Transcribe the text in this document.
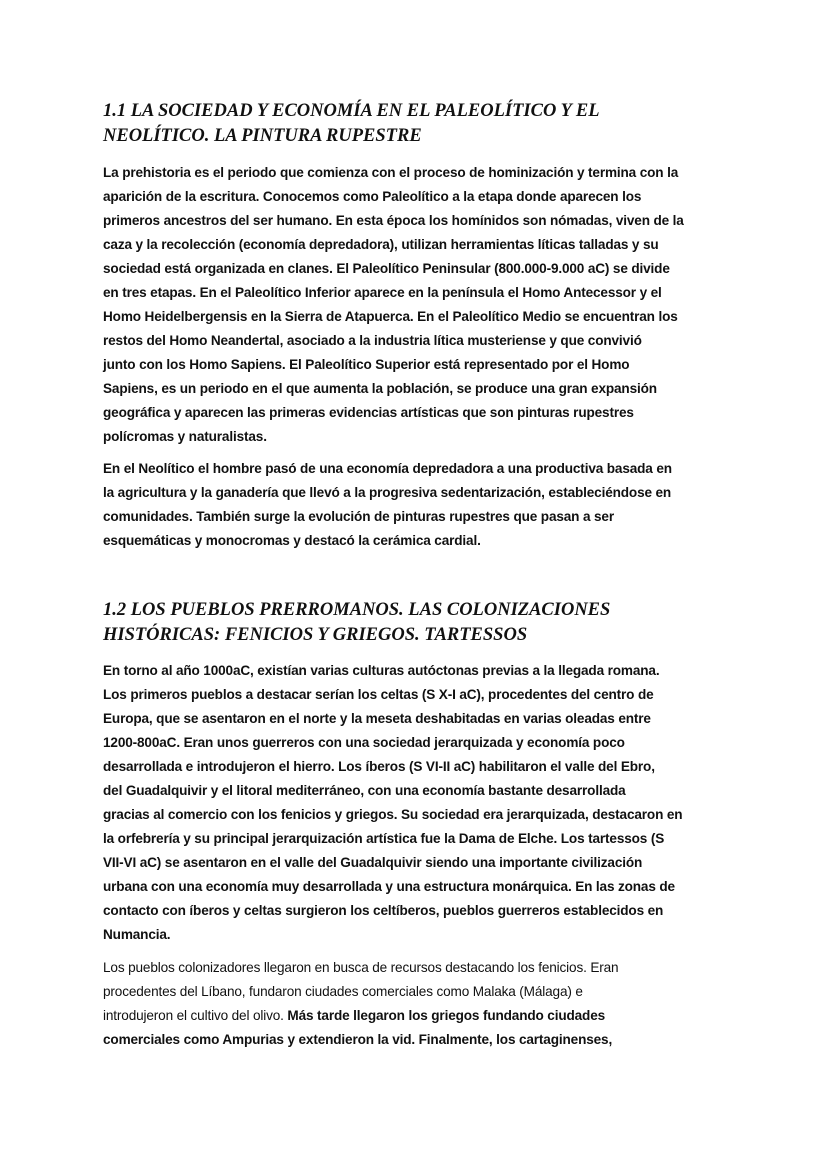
1.1 LA SOCIEDAD Y ECONOMÍA EN EL PALEOLÍTICO Y EL
NEOLÍTICO. LA PINTURA RUPESTRE
La prehistoria es el periodo que comienza con el proceso de hominización y termina con la
aparición de la escritura. Conocemos como Paleolítico a la etapa donde aparecen los
primeros ancestros del ser humano. En esta época los homínidos son nómadas, viven de la
caza y la recolección (economía depredadora), utilizan herramientas líticas talladas y su
sociedad está organizada en clanes. El Paleolítico Peninsular (800.000-9.000 aC) se divide
en tres etapas. En el Paleolítico Inferior aparece en la península el Homo Antecessor y el
Homo Heidelbergensis en la Sierra de Atapuerca. En el Paleolítico Medio se encuentran los
restos del Homo Neandertal, asociado a la industria lítica musteriense y que convivió
junto con los Homo Sapiens. El Paleolítico Superior está representado por el Homo
Sapiens, es un periodo en el que aumenta la población, se produce una gran expansión
geográfica y aparecen las primeras evidencias artísticas que son pinturas rupestres
polícromas y naturalistas.
En el Neolítico el hombre pasó de una economía depredadora a una productiva basada en
la agricultura y la ganadería que llevó a la progresiva sedentarización, estableciéndose en
comunidades. También surge la evolución de pinturas rupestres que pasan a ser
esquemáticas y monocromas y destacó la cerámica cardial.
1.2 LOS PUEBLOS PRERROMANOS. LAS COLONIZACIONES
HISTÓRICAS: FENICIOS Y GRIEGOS. TARTESSOS
En torno al año 1000aC, existían varias culturas autóctonas previas a la llegada romana.
Los primeros pueblos a destacar serían los celtas (S X-I aC), procedentes del centro de
Europa, que se asentaron en el norte y la meseta deshabitadas en varias oleadas entre
1200-800aC. Eran unos guerreros con una sociedad jerarquizada y economía poco
desarrollada e introdujeron el hierro. Los íberos (S VI-II aC) habilitaron el valle del Ebro,
del Guadalquivir y el litoral mediterráneo, con una economía bastante desarrollada
gracias al comercio con los fenicios y griegos. Su sociedad era jerarquizada, destacaron en
la orfebrería y su principal jerarquización artística fue la Dama de Elche. Los tartessos (S
VII-VI aC) se asentaron en el valle del Guadalquivir siendo una importante civilización
urbana con una economía muy desarrollada y una estructura monárquica. En las zonas de
contacto con íberos y celtas surgieron los celtíberos, pueblos guerreros establecidos en
Numancia.
Los pueblos colonizadores llegaron en busca de recursos destacando los fenicios. Eran
procedentes del Líbano, fundaron ciudades comerciales como Malaka (Málaga) e
introdujeron el cultivo del olivo. Más tarde llegaron los griegos fundando ciudades
comerciales como Ampurias y extendieron la vid. Finalmente, los cartaginenses,
